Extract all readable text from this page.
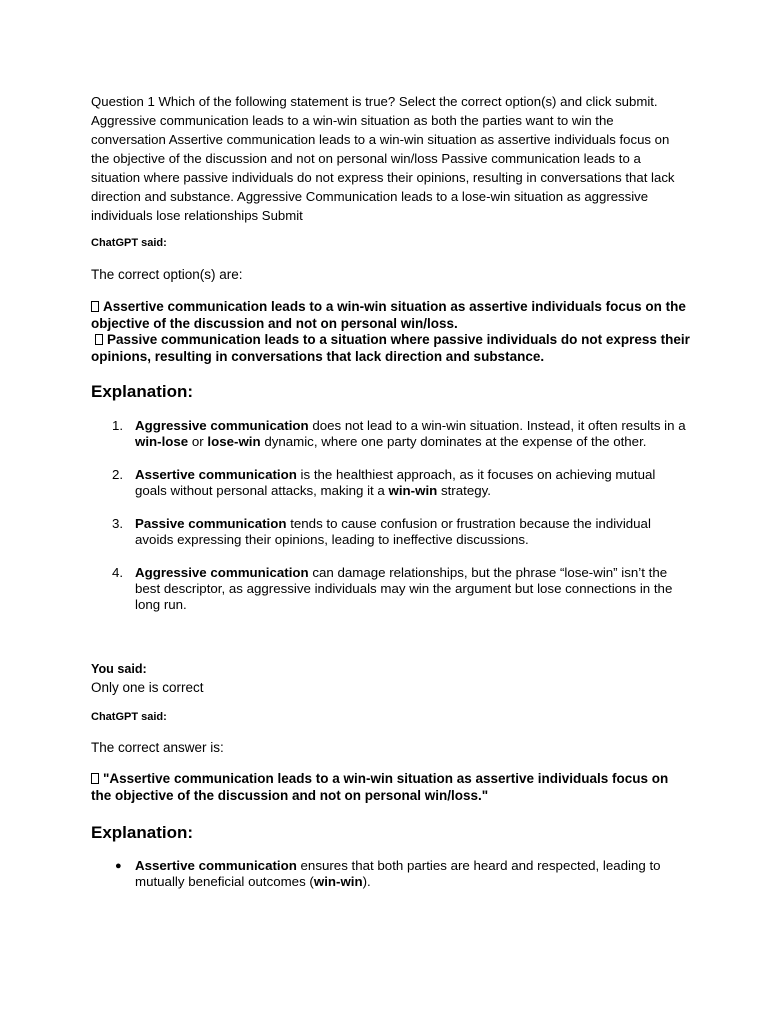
Question 1 Which of the following statement is true? Select the correct option(s) and click submit. Aggressive communication leads to a win-win situation as both the parties want to win the conversation Assertive communication leads to a win-win situation as assertive individuals focus on the objective of the discussion and not on personal win/loss Passive communication leads to a situation where passive individuals do not express their opinions, resulting in conversations that lack direction and substance. Aggressive Communication leads to a lose-win situation as aggressive individuals lose relationships Submit

ChatGPT said:

The correct option(s) are:

Assertive communication leads to a win-win situation as assertive individuals focus on the objective of the discussion and not on personal win/loss.
Passive communication leads to a situation where passive individuals do not express their opinions, resulting in conversations that lack direction and substance.

Explanation:

1. Aggressive communication does not lead to a win-win situation. Instead, it often results in a win-lose or lose-win dynamic, where one party dominates at the expense of the other.
2. Assertive communication is the healthiest approach, as it focuses on achieving mutual goals without personal attacks, making it a win-win strategy.
3. Passive communication tends to cause confusion or frustration because the individual avoids expressing their opinions, leading to ineffective discussions.
4. Aggressive communication can damage relationships, but the phrase “lose-win” isn’t the best descriptor, as aggressive individuals may win the argument but lose connections in the long run.

You said:

Only one is correct

ChatGPT said:

The correct answer is:

"Assertive communication leads to a win-win situation as assertive individuals focus on the objective of the discussion and not on personal win/loss."

Explanation:

● Assertive communication ensures that both parties are heard and respected, leading to mutually beneficial outcomes (win-win).
